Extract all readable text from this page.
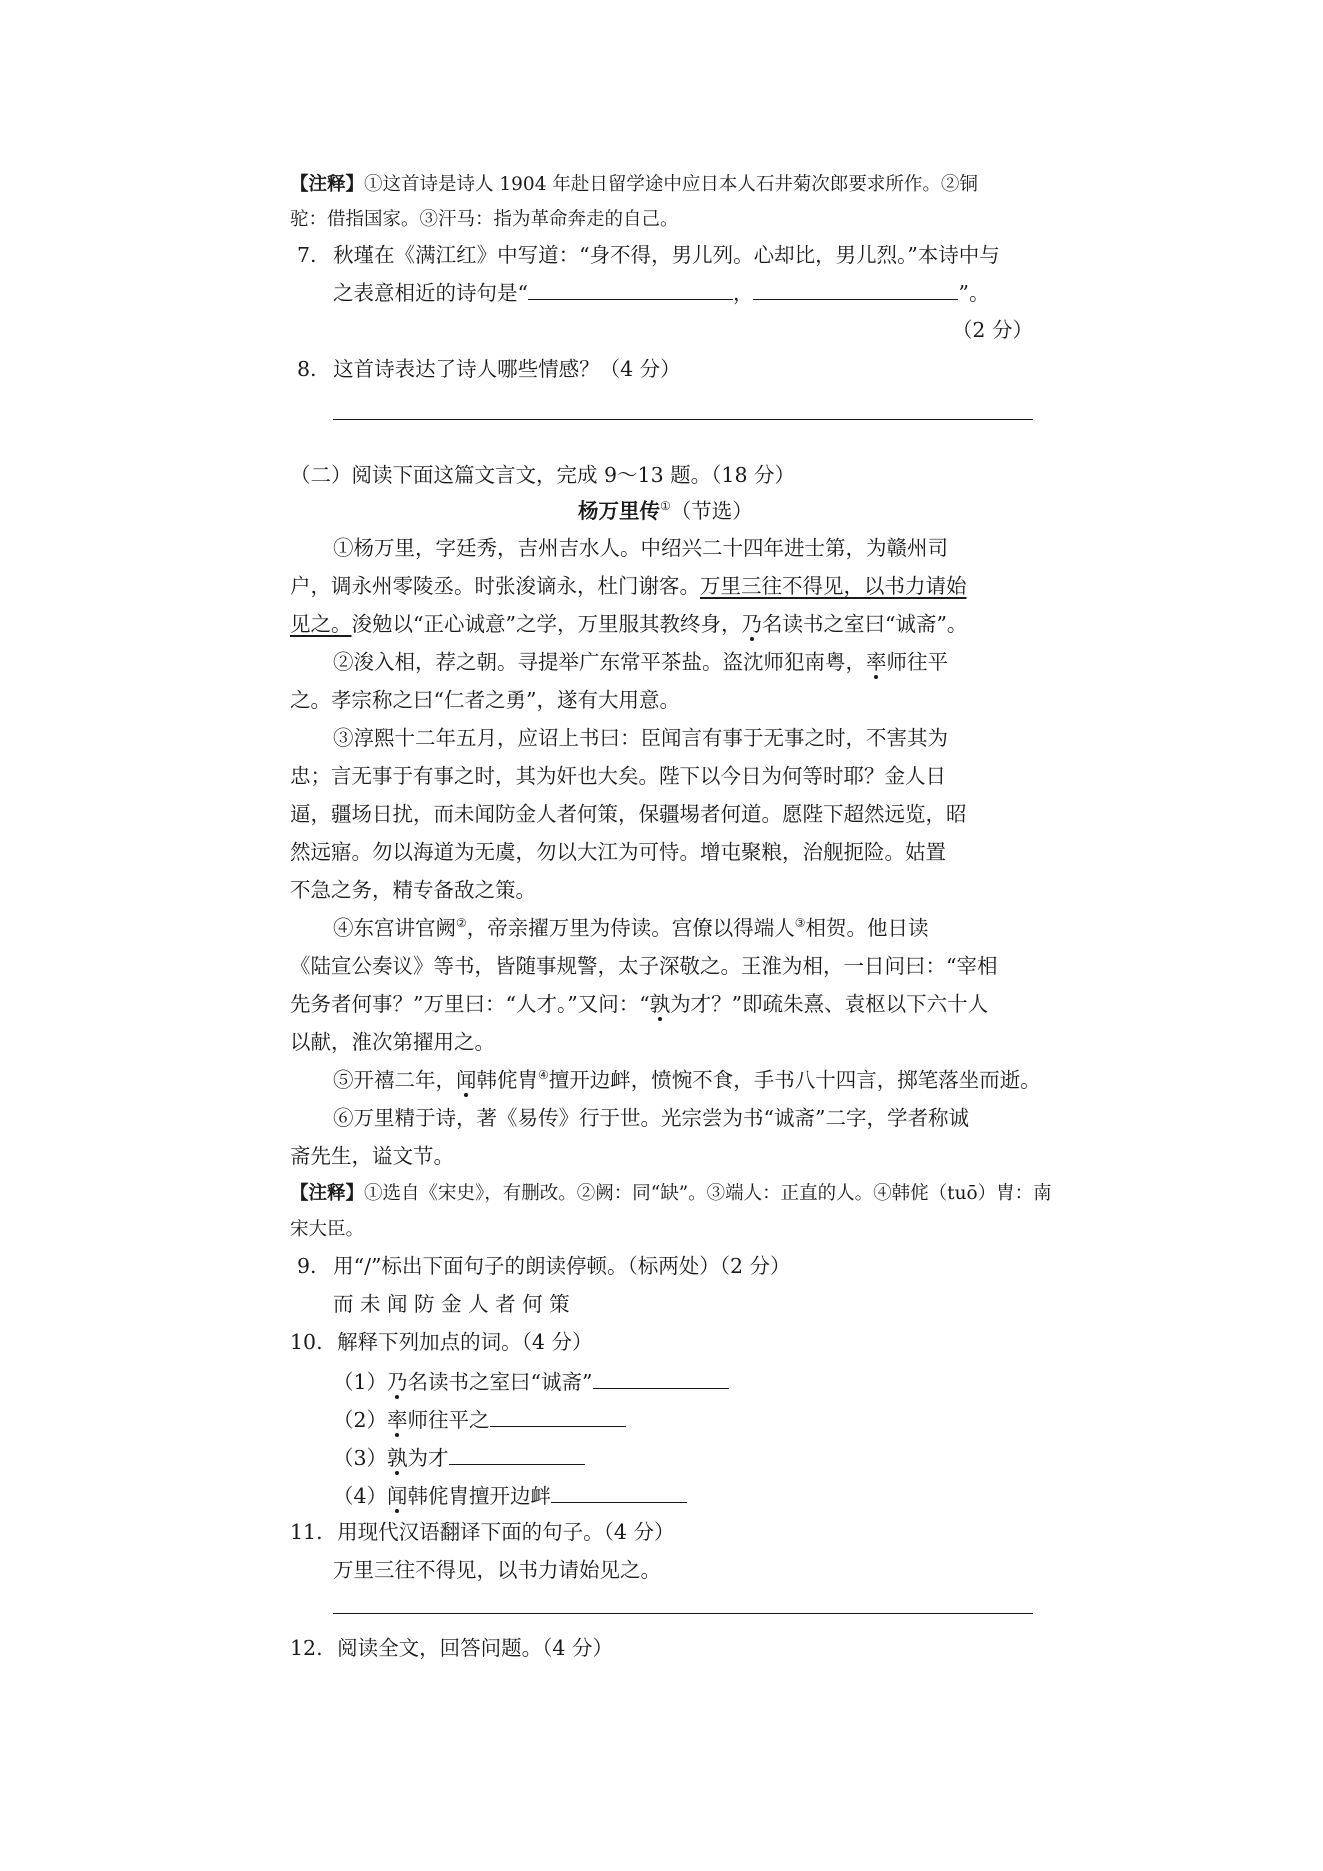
【注释】①这首诗是诗人 1904 年赴日留学途中应日本人石井菊次郎要求所作。②铜
驼：借指国家。③汗马：指为革命奔走的自己。
7. 秋瑾在《满江红》中写道：“身不得，男儿列。心却比，男儿烈。”本诗中与
之表意相近的诗句是“	，	”。
（2 分）
8. 这首诗表达了诗人哪些情感？（4 分）
（二）阅读下面这篇文言文，完成 9～13 题。（18 分）
杨万里传①（节选）
①杨万里，字廷秀，吉州吉水人。中绍兴二十四年进士第，为赣州司
户，调永州零陵丞。时张浚谪永，杜门谢客。万里三往不得见，以书力请始
见之。浚勉以“正心诚意”之学，万里服其教终身，乃名读书之室曰“诚斋”。
②浚入相，荐之朝。寻提举广东常平茶盐。盗沈师犯南粤，率师往平
之。孝宗称之曰“仁者之勇”，遂有大用意。
③淳熙十二年五月，应诏上书曰：臣闻言有事于无事之时，不害其为
忠；言无事于有事之时，其为奸也大矣。陛下以今日为何等时耶？金人日
逼，疆场日扰，而未闻防金人者何策，保疆埸者何道。愿陛下超然远览，昭
然远寤。勿以海道为无虞，勿以大江为可恃。增屯聚粮，治舰扼险。姑置
不急之务，精专备敌之策。
④东宫讲官阙②，帝亲擢万里为侍读。宫僚以得端人③相贺。他日读
《陆宣公奏议》等书，皆随事规警，太子深敬之。王淮为相，一日问曰：“宰相
先务者何事？”万里曰：“人才。”又问：“孰为才？”即疏朱熹、袁枢以下六十人
以献，淮次第擢用之。
⑤开禧二年，闻韩侂胄④擅开边衅，愤惋不食，手书八十四言，掷笔落坐而逝。
⑥万里精于诗，著《易传》行于世。光宗尝为书“诚斋”二字，学者称诚
斋先生，谥文节。
【注释】①选自《宋史》，有删改。②阙：同“缺”。③端人：正直的人。④韩侂（tuō）胄：南
宋大臣。
9. 用“/”标出下面句子的朗读停顿。（标两处）（2 分）
而 未 闻 防 金 人 者 何 策
10. 解释下列加点的词。（4 分）
（1）乃名读书之室曰“诚斋”
（2）率师往平之
（3）孰为才
（4）闻韩侂胄擅开边衅
11. 用现代汉语翻译下面的句子。（4 分）
万里三往不得见，以书力请始见之。
12. 阅读全文，回答问题。（4 分）
